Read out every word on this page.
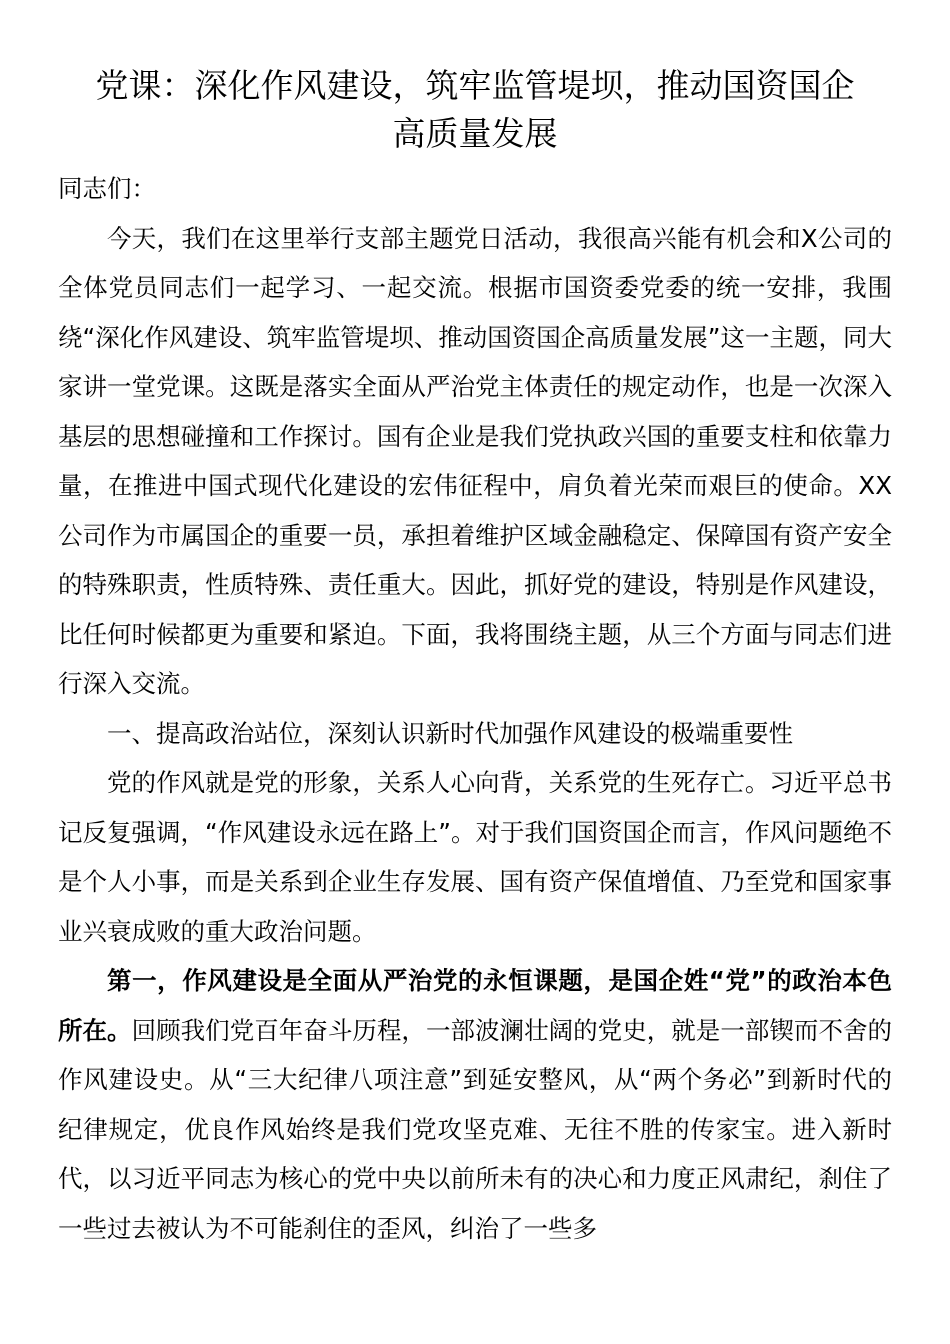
党课：深化作风建设，筑牢监管堤坝，推动国资国企
高质量发展

同志们：

今天，我们在这里举行支部主题党日活动，我很高兴能有机会和X公司的全体党员同志们一起学习、一起交流。根据市国资委党委的统一安排，我围绕“深化作风建设、筑牢监管堤坝、推动国资国企高质量发展”这一主题，同大家讲一堂党课。这既是落实全面从严治党主体责任的规定动作，也是一次深入基层的思想碰撞和工作探讨。国有企业是我们党执政兴国的重要支柱和依靠力量，在推进中国式现代化建设的宏伟征程中，肩负着光荣而艰巨的使命。XX公司作为市属国企的重要一员，承担着维护区域金融稳定、保障国有资产安全的特殊职责，性质特殊、责任重大。因此，抓好党的建设，特别是作风建设，比任何时候都更为重要和紧迫。下面，我将围绕主题，从三个方面与同志们进行深入交流。

一、提高政治站位，深刻认识新时代加强作风建设的极端重要性

党的作风就是党的形象，关系人心向背，关系党的生死存亡。习近平总书记反复强调，“作风建设永远在路上”。对于我们国资国企而言，作风问题绝不是个人小事，而是关系到企业生存发展、国有资产保值增值、乃至党和国家事业兴衰成败的重大政治问题。

第一，作风建设是全面从严治党的永恒课题，是国企姓“党”的政治本色所在。回顾我们党百年奋斗历程，一部波澜壮阔的党史，就是一部锲而不舍的作风建设史。从“三大纪律八项注意”到延安整风，从“两个务必”到新时代的纪律规定，优良作风始终是我们党攻坚克难、无往不胜的传家宝。进入新时代，以习近平同志为核心的党中央以前所未有的决心和力度正风肃纪，刹住了一些过去被认为不可能刹住的歪风，纠治了一些多
